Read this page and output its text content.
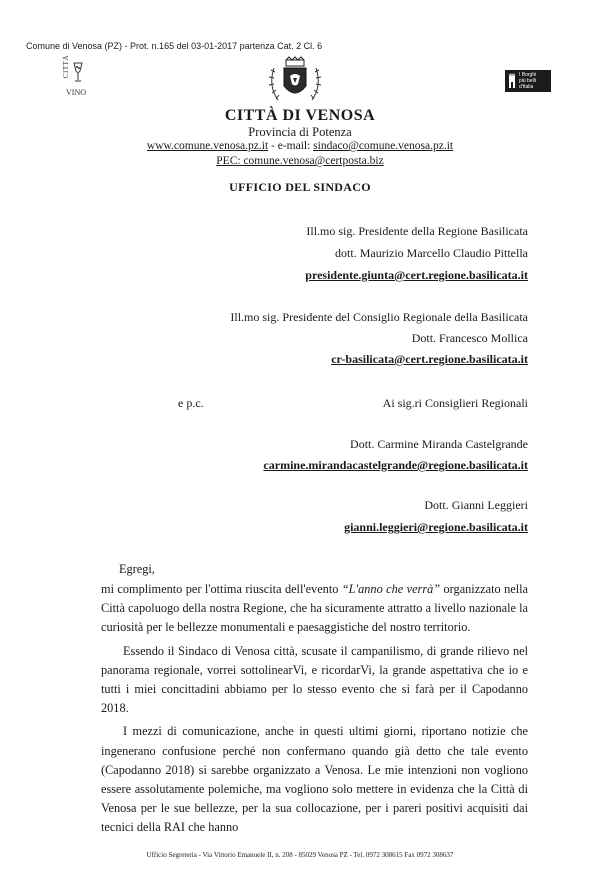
Comune di Venosa (PZ) - Prot. n.165 del 03-01-2017 partenza Cat. 2 Cl. 6
CITTÀ
VINO
I Borghi
più belli
d'Italia
CITTÀ DI VENOSA
Provincia di Potenza
www.comune.venosa.pz.it - e-mail: sindaco@comune.venosa.pz.it
PEC: comune.venosa@certposta.biz
UFFICIO DEL SINDACO
Ill.mo sig. Presidente della Regione Basilicata
dott. Maurizio Marcello Claudio Pittella
presidente.giunta@cert.regione.basilicata.it
Ill.mo sig. Presidente del Consiglio Regionale della Basilicata
Dott. Francesco Mollica
cr-basilicata@cert.regione.basilicata.it
e p.c.	Ai sig.ri Consiglieri Regionali
Dott. Carmine Miranda Castelgrande
carmine.mirandacastelgrande@regione.basilicata.it
Dott. Gianni Leggieri
gianni.leggieri@regione.basilicata.it
Egregi,
mi complimento per l'ottima riuscita dell'evento “L'anno che verrà” organizzato nella Città capoluogo della nostra Regione, che ha sicuramente attratto a livello nazionale la curiosità per le bellezze monumentali e paesaggistiche del nostro territorio.
Essendo il Sindaco di Venosa città, scusate il campanilismo, di grande rilievo nel panorama regionale, vorrei sottolinearVi, e ricordarVi, la grande aspettativa che io e tutti i miei concittadini abbiamo per lo stesso evento che si farà per il Capodanno 2018.
I mezzi di comunicazione, anche in questi ultimi giorni, riportano notizie che ingenerano confusione perché non confermano quando già detto che tale evento (Capodanno 2018) si sarebbe organizzato a Venosa. Le mie intenzioni non vogliono essere assolutamente polemiche, ma vogliono solo mettere in evidenza che la Città di Venosa per le sue bellezze, per la sua collocazione, per i pareri positivi acquisiti dai tecnici della RAI che hanno
Ufficio Segreteria - Via Vittorio Emanuele II, n. 208 - 85029 Venosa PZ - Tel. 0972 308615 Fax 0972 308637
